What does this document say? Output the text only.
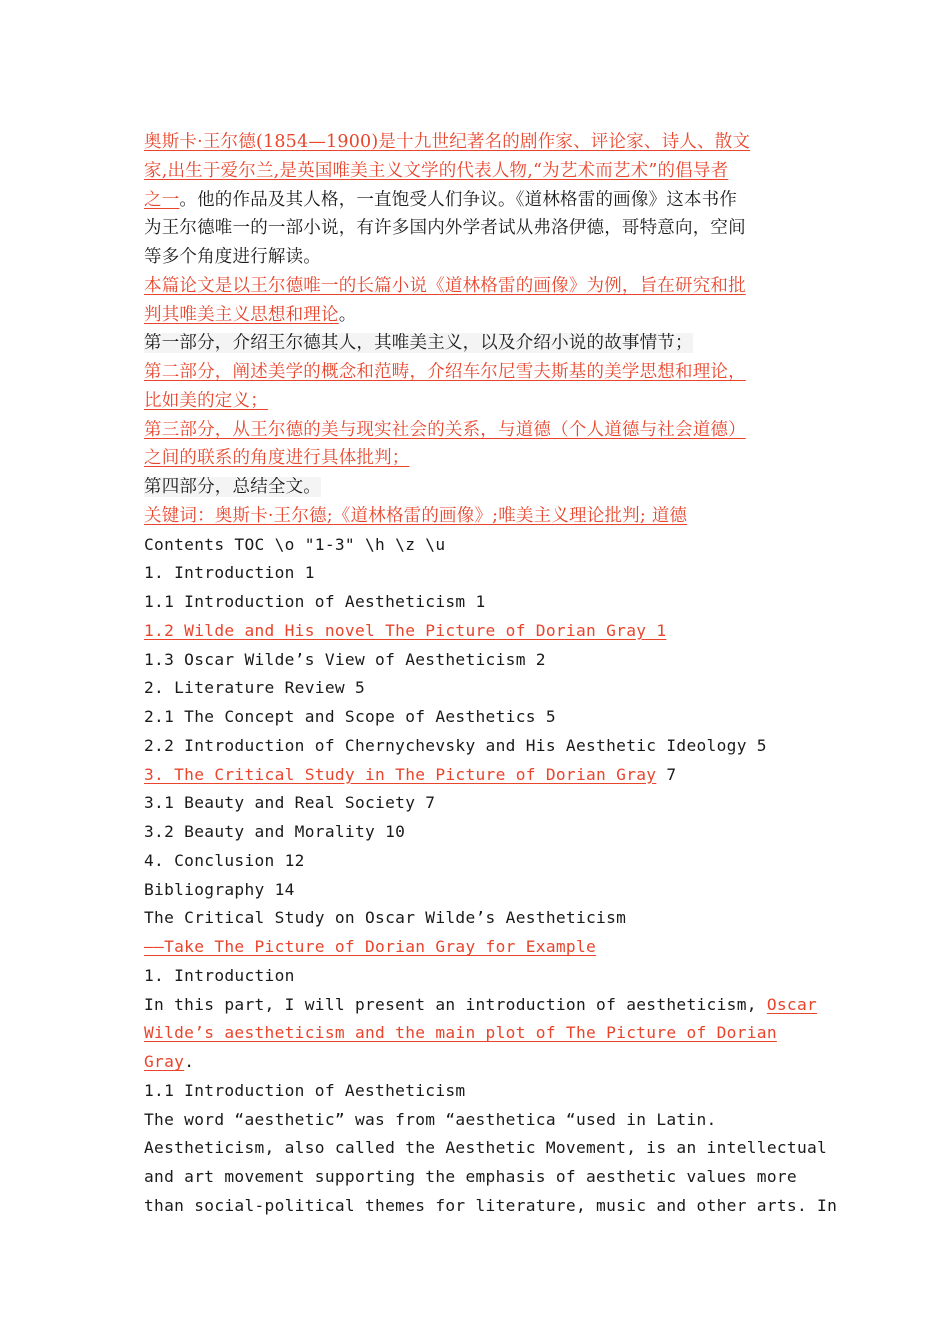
奥斯卡·王尔德(1854—1900)是十九世纪著名的剧作家、评论家、诗人、散文
家,出生于爱尔兰,是英国唯美主义文学的代表人物,“为艺术而艺术”的倡导者
之一。他的作品及其人格，一直饱受人们争议。《道林格雷的画像》这本书作
为王尔德唯一的一部小说，有许多国内外学者试从弗洛伊德，哥特意向，空间
等多个角度进行解读。
本篇论文是以王尔德唯一的长篇小说《道林格雷的画像》为例，旨在研究和批
判其唯美主义思想和理论。
第一部分，介绍王尔德其人，其唯美主义，以及介绍小说的故事情节；
第二部分，阐述美学的概念和范畴，介绍车尔尼雪夫斯基的美学思想和理论，
比如美的定义；
第三部分，从王尔德的美与现实社会的关系，与道德（个人道德与社会道德）
之间的联系的角度进行具体批判；
第四部分，总结全文。
关键词：奥斯卡·王尔德;《道林格雷的画像》;唯美主义理论批判; 道德
Contents TOC \o "1-3" \h \z \u
1. Introduction 1
1.1 Introduction of Aestheticism 1
1.2 Wilde and His novel The Picture of Dorian Gray 1
1.3 Oscar Wilde’s View of Aestheticism 2
2. Literature Review 5
2.1 The Concept and Scope of Aesthetics 5
2.2 Introduction of Chernychevsky and His Aesthetic Ideology 5
3. The Critical Study in The Picture of Dorian Gray 7
3.1 Beauty and Real Society 7
3.2 Beauty and Morality 10
4. Conclusion 12
Bibliography 14
The Critical Study on Oscar Wilde’s Aestheticism
——Take The Picture of Dorian Gray for Example
1. Introduction
In this part, I will present an introduction of aestheticism, Oscar
Wilde’s aestheticism and the main plot of The Picture of Dorian
Gray.
1.1 Introduction of Aestheticism
The word “aesthetic” was from “aesthetica “used in Latin.
Aestheticism, also called the Aesthetic Movement, is an intellectual
and art movement supporting the emphasis of aesthetic values more
than social-political themes for literature, music and other arts. In
